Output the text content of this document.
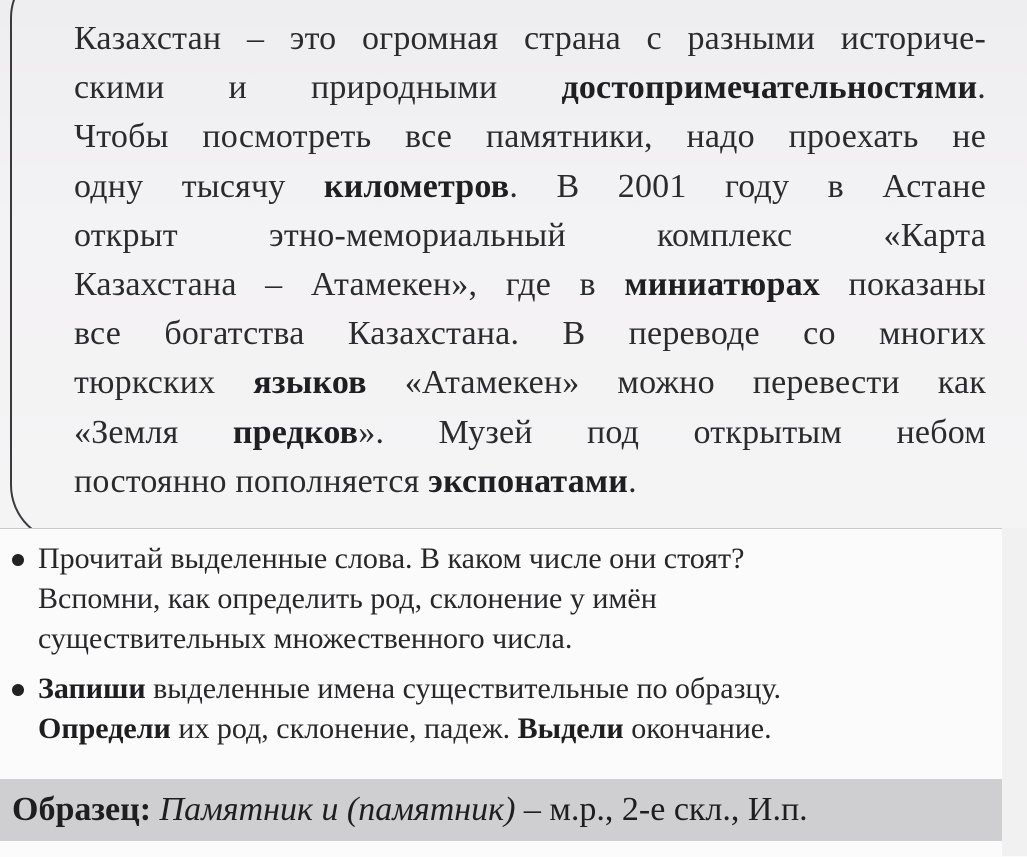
Казахстан – это огромная страна с разными историче-
скими и природными достопримечательностями.
Чтобы посмотреть все памятники, надо проехать не
одну тысячу километров. В 2001 году в Астане
открыт этно-мемориальный комплекс «Карта
Казахстана – Атамекен», где в миниатюрах показаны
все богатства Казахстана. В переводе со многих
тюркских языков «Атамекен» можно перевести как
«Земля предков». Музей под открытым небом
постоянно пополняется экспонатами.
Прочитай выделенные слова. В каком числе они стоят?
Вспомни, как определить род, склонение у имён
существительных множественного числа.
Запиши выделенные имена существительные по образцу.
Определи их род, склонение, падеж. Выдели окончание.
Образец: Памятник и (памятник) – м.р., 2-е скл., И.п.
